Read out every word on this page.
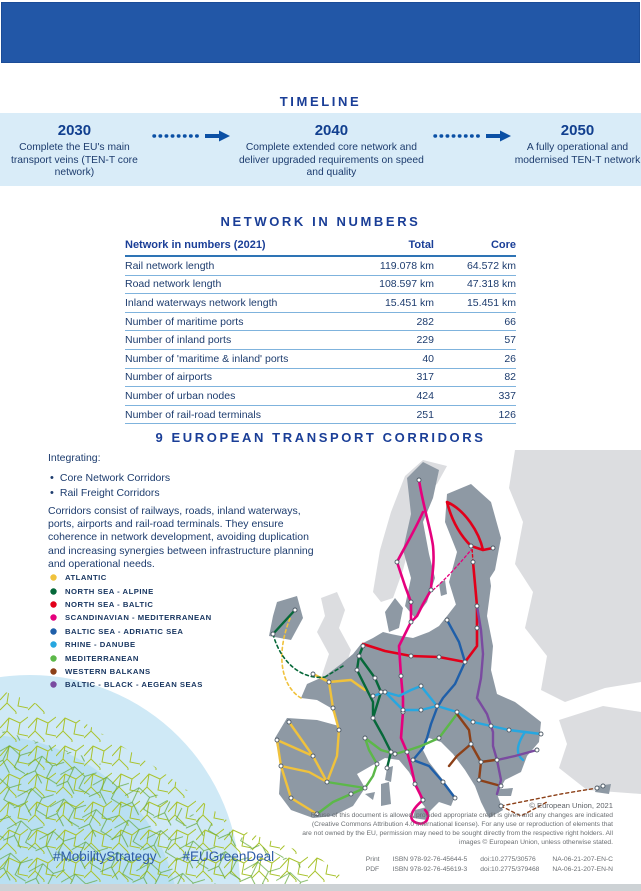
TIMELINE
2030
Complete the EU's main transport veins (TEN-T core network)
2040
Complete extended core network and deliver upgraded requirements on speed and quality
2050
A fully operational and modernised TEN-T network
NETWORK IN NUMBERS
Network in numbers (2021)	Total	Core
Rail network length	119.078 km	64.572 km
Road network length	108.597 km	47.318 km
Inland waterways network length	15.451 km	15.451 km
Number of maritime ports	282	66
Number of inland ports	229	57
Number of 'maritime & inland' ports	40	26
Number of airports	317	82
Number of urban nodes	424	337
Number of rail-road terminals	251	126
9 EUROPEAN TRANSPORT CORRIDORS
Integrating:
• Core Network Corridors
• Rail Freight Corridors
Corridors consist of railways, roads, inland waterways, ports, airports and rail-road terminals. They ensure coherence in network development, avoiding duplication and increasing synergies between infrastructure planning and operational needs.
ATLANTIC
NORTH SEA - ALPINE
NORTH SEA - BALTIC
SCANDINAVIAN - MEDITERRANEAN
BALTIC SEA - ADRIATIC SEA
RHINE - DANUBE
MEDITERRANEAN
WESTERN BALKANS
BALTIC - BLACK - AEGEAN SEAS
#MobilityStrategy #EUGreenDeal
© European Union, 2021
Reuse of this document is allowed, provided appropriate credit is given and any changes are indicated (Creative Commons Attribution 4.0 International license). For any use or reproduction of elements that are not owned by the EU, permission may need to be sought directly from the respective right holders. All images © European Union, unless otherwise stated.
Print ISBN 978-92-76-45644-5 doi:10.2775/30576	NA-06-21-207-EN-C
PDF ISBN 978-92-76-45619-3 doi:10.2775/379468 NA-06-21-207-EN-N
